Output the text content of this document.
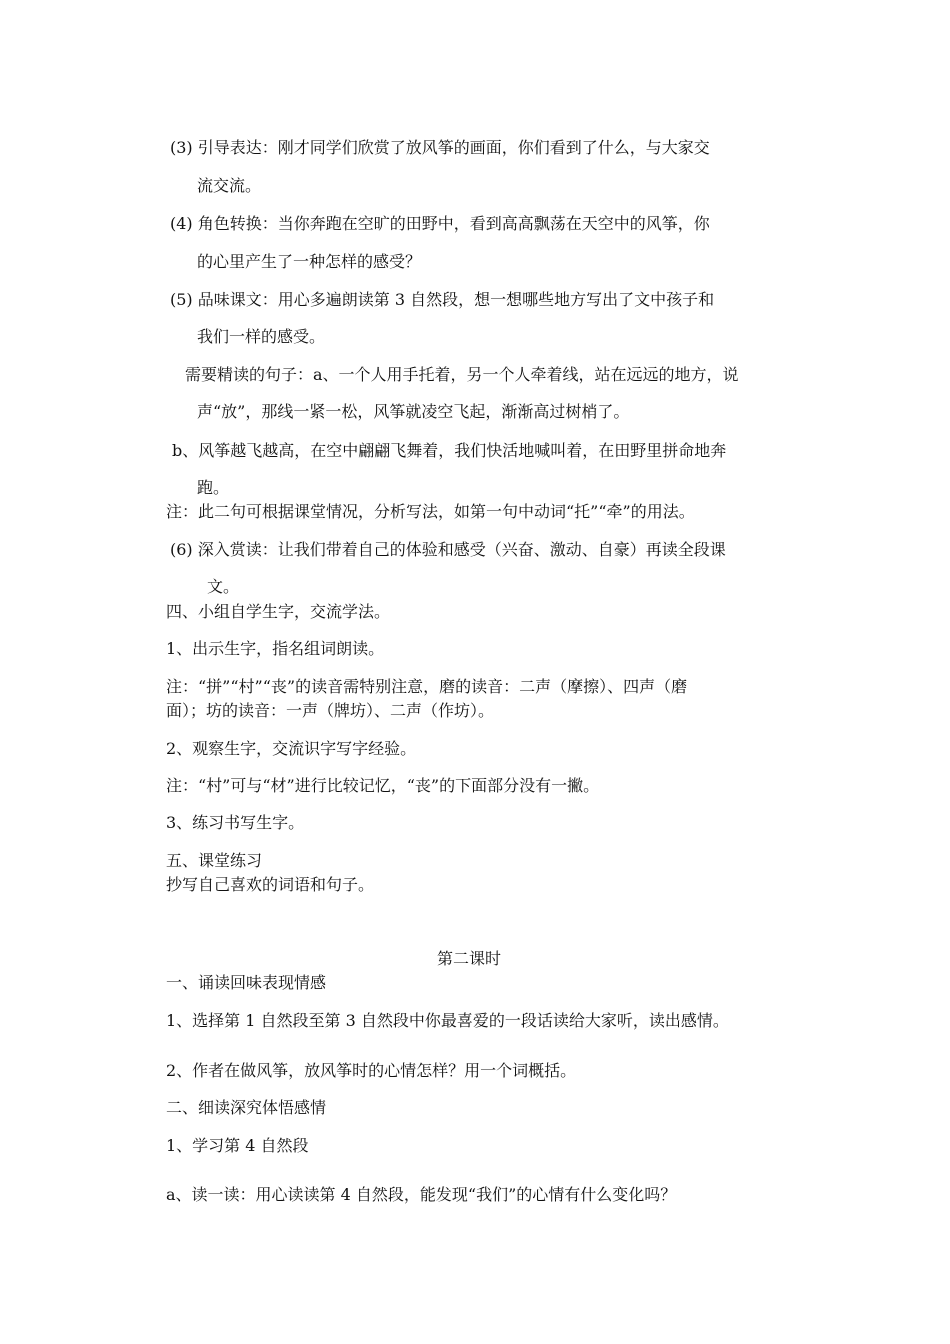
(3) 引导表达：刚才同学们欣赏了放风筝的画面，你们看到了什么，与大家交
流交流。
(4) 角色转换：当你奔跑在空旷的田野中，看到高高飘荡在天空中的风筝，你
的心里产生了一种怎样的感受？
(5) 品味课文：用心多遍朗读第 3 自然段，想一想哪些地方写出了文中孩子和
我们一样的感受。
需要精读的句子：a、一个人用手托着，另一个人牵着线，站在远远的地方，说
声“放”，那线一紧一松，风筝就凌空飞起，渐渐高过树梢了。
b、风筝越飞越高，在空中翩翩飞舞着，我们快活地喊叫着，在田野里拼命地奔
跑。
注：此二句可根据课堂情况，分析写法，如第一句中动词“托”“牵”的用法。
(6) 深入赏读：让我们带着自己的体验和感受（兴奋、激动、自豪）再读全段课
文。
四、小组自学生字，交流学法。
1、出示生字，指名组词朗读。
注：“拼”“村”“丧”的读音需特别注意，磨的读音：二声（摩擦）、四声（磨
面）；坊的读音：一声（牌坊）、二声（作坊）。
2、观察生字，交流识字写字经验。
注：“村”可与“材”进行比较记忆，“丧”的下面部分没有一撇。
3、练习书写生字。
五、课堂练习
抄写自己喜欢的词语和句子。
第二课时
一、诵读回味表现情感
1、选择第 1 自然段至第 3 自然段中你最喜爱的一段话读给大家听，读出感情。
2、作者在做风筝，放风筝时的心情怎样？用一个词概括。
二、细读深究体悟感情
1、学习第 4 自然段
a、读一读：用心读读第 4 自然段，能发现“我们”的心情有什么变化吗？
